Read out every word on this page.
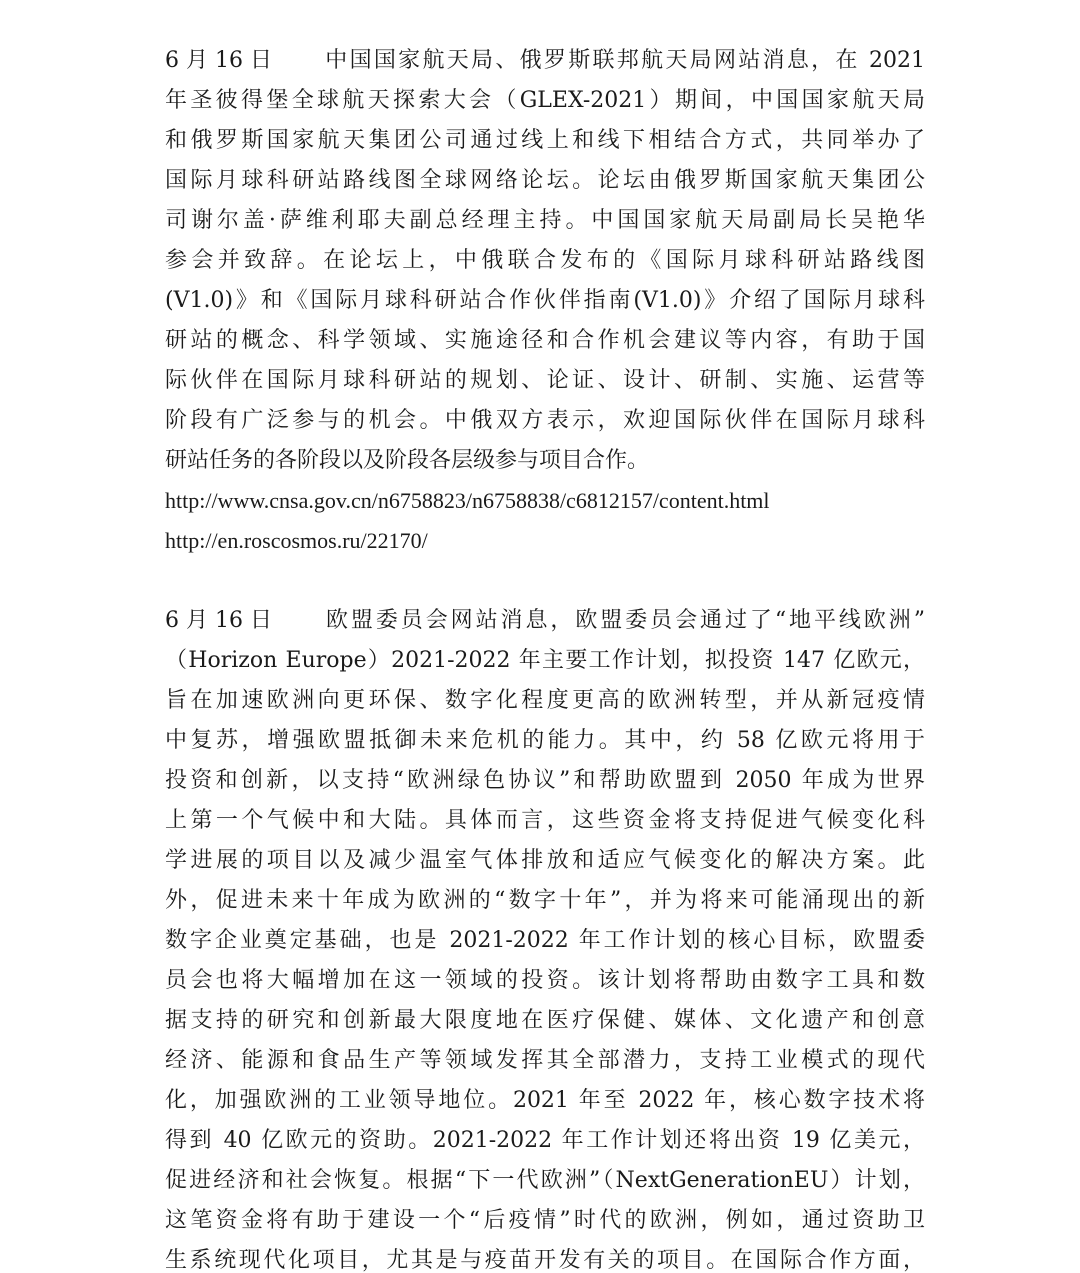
6 月 16 日 中国国家航天局、俄罗斯联邦航天局网站消息，在 2021
年圣彼得堡全球航天探索大会（GLEX-2021）期间，中国国家航天局
和俄罗斯国家航天集团公司通过线上和线下相结合方式，共同举办了
国际月球科研站路线图全球网络论坛。论坛由俄罗斯国家航天集团公
司谢尔盖·萨维利耶夫副总经理主持。中国国家航天局副局长吴艳华
参会并致辞。在论坛上，中俄联合发布的《国际月球科研站路线图
(V1.0)》和《国际月球科研站合作伙伴指南(V1.0)》介绍了国际月球科
研站的概念、科学领域、实施途径和合作机会建议等内容，有助于国
际伙伴在国际月球科研站的规划、论证、设计、研制、实施、运营等
阶段有广泛参与的机会。中俄双方表示，欢迎国际伙伴在国际月球科
研站任务的各阶段以及阶段各层级参与项目合作。
http://www.cnsa.gov.cn/n6758823/n6758838/c6812157/content.html
http://en.roscosmos.ru/22170/
6 月 16 日 欧盟委员会网站消息，欧盟委员会通过了“地平线欧洲”
（Horizon Europe）2021-2022 年主要工作计划，拟投资 147 亿欧元，
旨在加速欧洲向更环保、数字化程度更高的欧洲转型，并从新冠疫情
中复苏，增强欧盟抵御未来危机的能力。其中，约 58 亿欧元将用于
投资和创新，以支持“欧洲绿色协议”和帮助欧盟到 2050 年成为世界
上第一个气候中和大陆。具体而言，这些资金将支持促进气候变化科
学进展的项目以及减少温室气体排放和适应气候变化的解决方案。此
外，促进未来十年成为欧洲的“数字十年”，并为将来可能涌现出的新
数字企业奠定基础，也是 2021-2022 年工作计划的核心目标，欧盟委
员会也将大幅增加在这一领域的投资。该计划将帮助由数字工具和数
据支持的研究和创新最大限度地在医疗保健、媒体、文化遗产和创意
经济、能源和食品生产等领域发挥其全部潜力，支持工业模式的现代
化，加强欧洲的工业领导地位。2021 年至 2022 年，核心数字技术将
得到 40 亿欧元的资助。2021-2022 年工作计划还将出资 19 亿美元，
促进经济和社会恢复。根据“下一代欧洲”（NextGenerationEU）计划，
这笔资金将有助于建设一个“后疫情”时代的欧洲，例如，通过资助卫
生系统现代化项目，尤其是与疫苗开发有关的项目。在国际合作方面，
